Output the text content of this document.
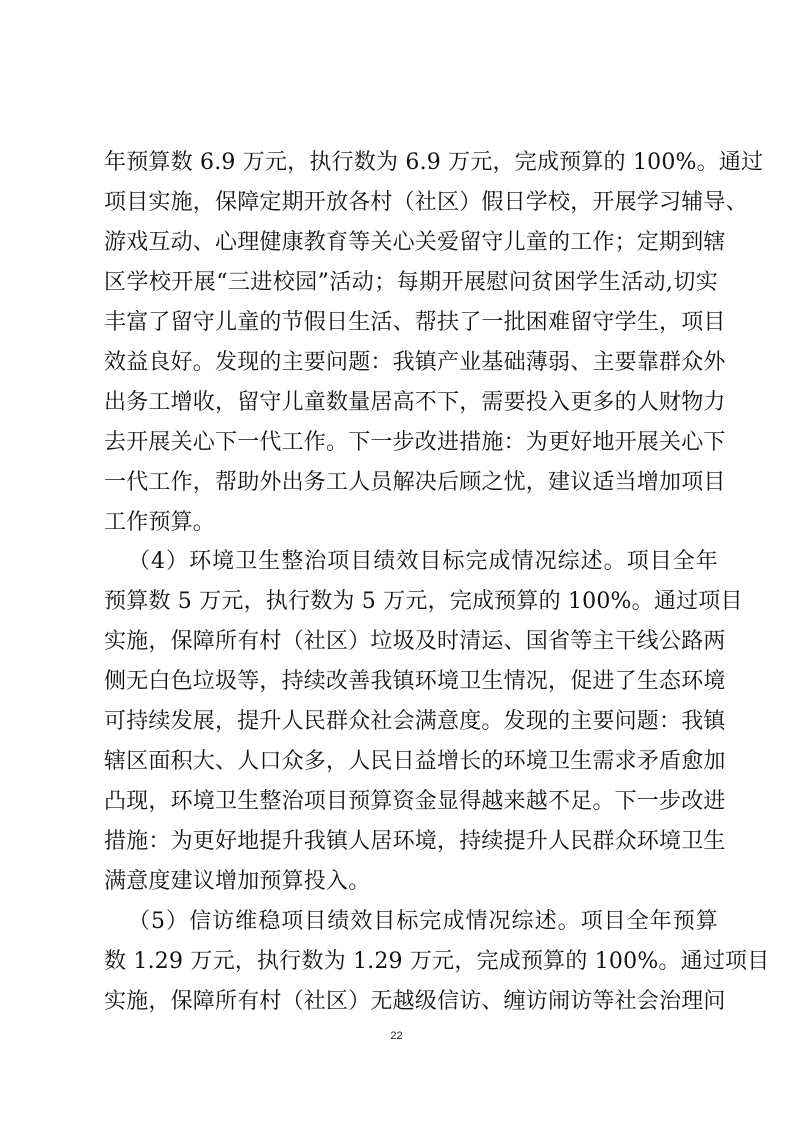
年预算数 6.9 万元，执行数为 6.9 万元，完成预算的 100%。通过
项目实施，保障定期开放各村（社区）假日学校，开展学习辅导、
游戏互动、心理健康教育等关心关爱留守儿童的工作；定期到辖
区学校开展“三进校园”活动；每期开展慰问贫困学生活动,切实
丰富了留守儿童的节假日生活、帮扶了一批困难留守学生，项目
效益良好。发现的主要问题：我镇产业基础薄弱、主要靠群众外
出务工增收，留守儿童数量居高不下，需要投入更多的人财物力
去开展关心下一代工作。下一步改进措施：为更好地开展关心下
一代工作，帮助外出务工人员解决后顾之忧，建议适当增加项目
工作预算。
（4）环境卫生整治项目绩效目标完成情况综述。项目全年
预算数 5 万元，执行数为 5 万元，完成预算的 100%。通过项目
实施，保障所有村（社区）垃圾及时清运、国省等主干线公路两
侧无白色垃圾等，持续改善我镇环境卫生情况，促进了生态环境
可持续发展，提升人民群众社会满意度。发现的主要问题：我镇
辖区面积大、人口众多，人民日益增长的环境卫生需求矛盾愈加
凸现，环境卫生整治项目预算资金显得越来越不足。下一步改进
措施：为更好地提升我镇人居环境，持续提升人民群众环境卫生
满意度建议增加预算投入。
（5）信访维稳项目绩效目标完成情况综述。项目全年预算
数 1.29 万元，执行数为 1.29 万元，完成预算的 100%。通过项目
实施，保障所有村（社区）无越级信访、缠访闹访等社会治理问
22
